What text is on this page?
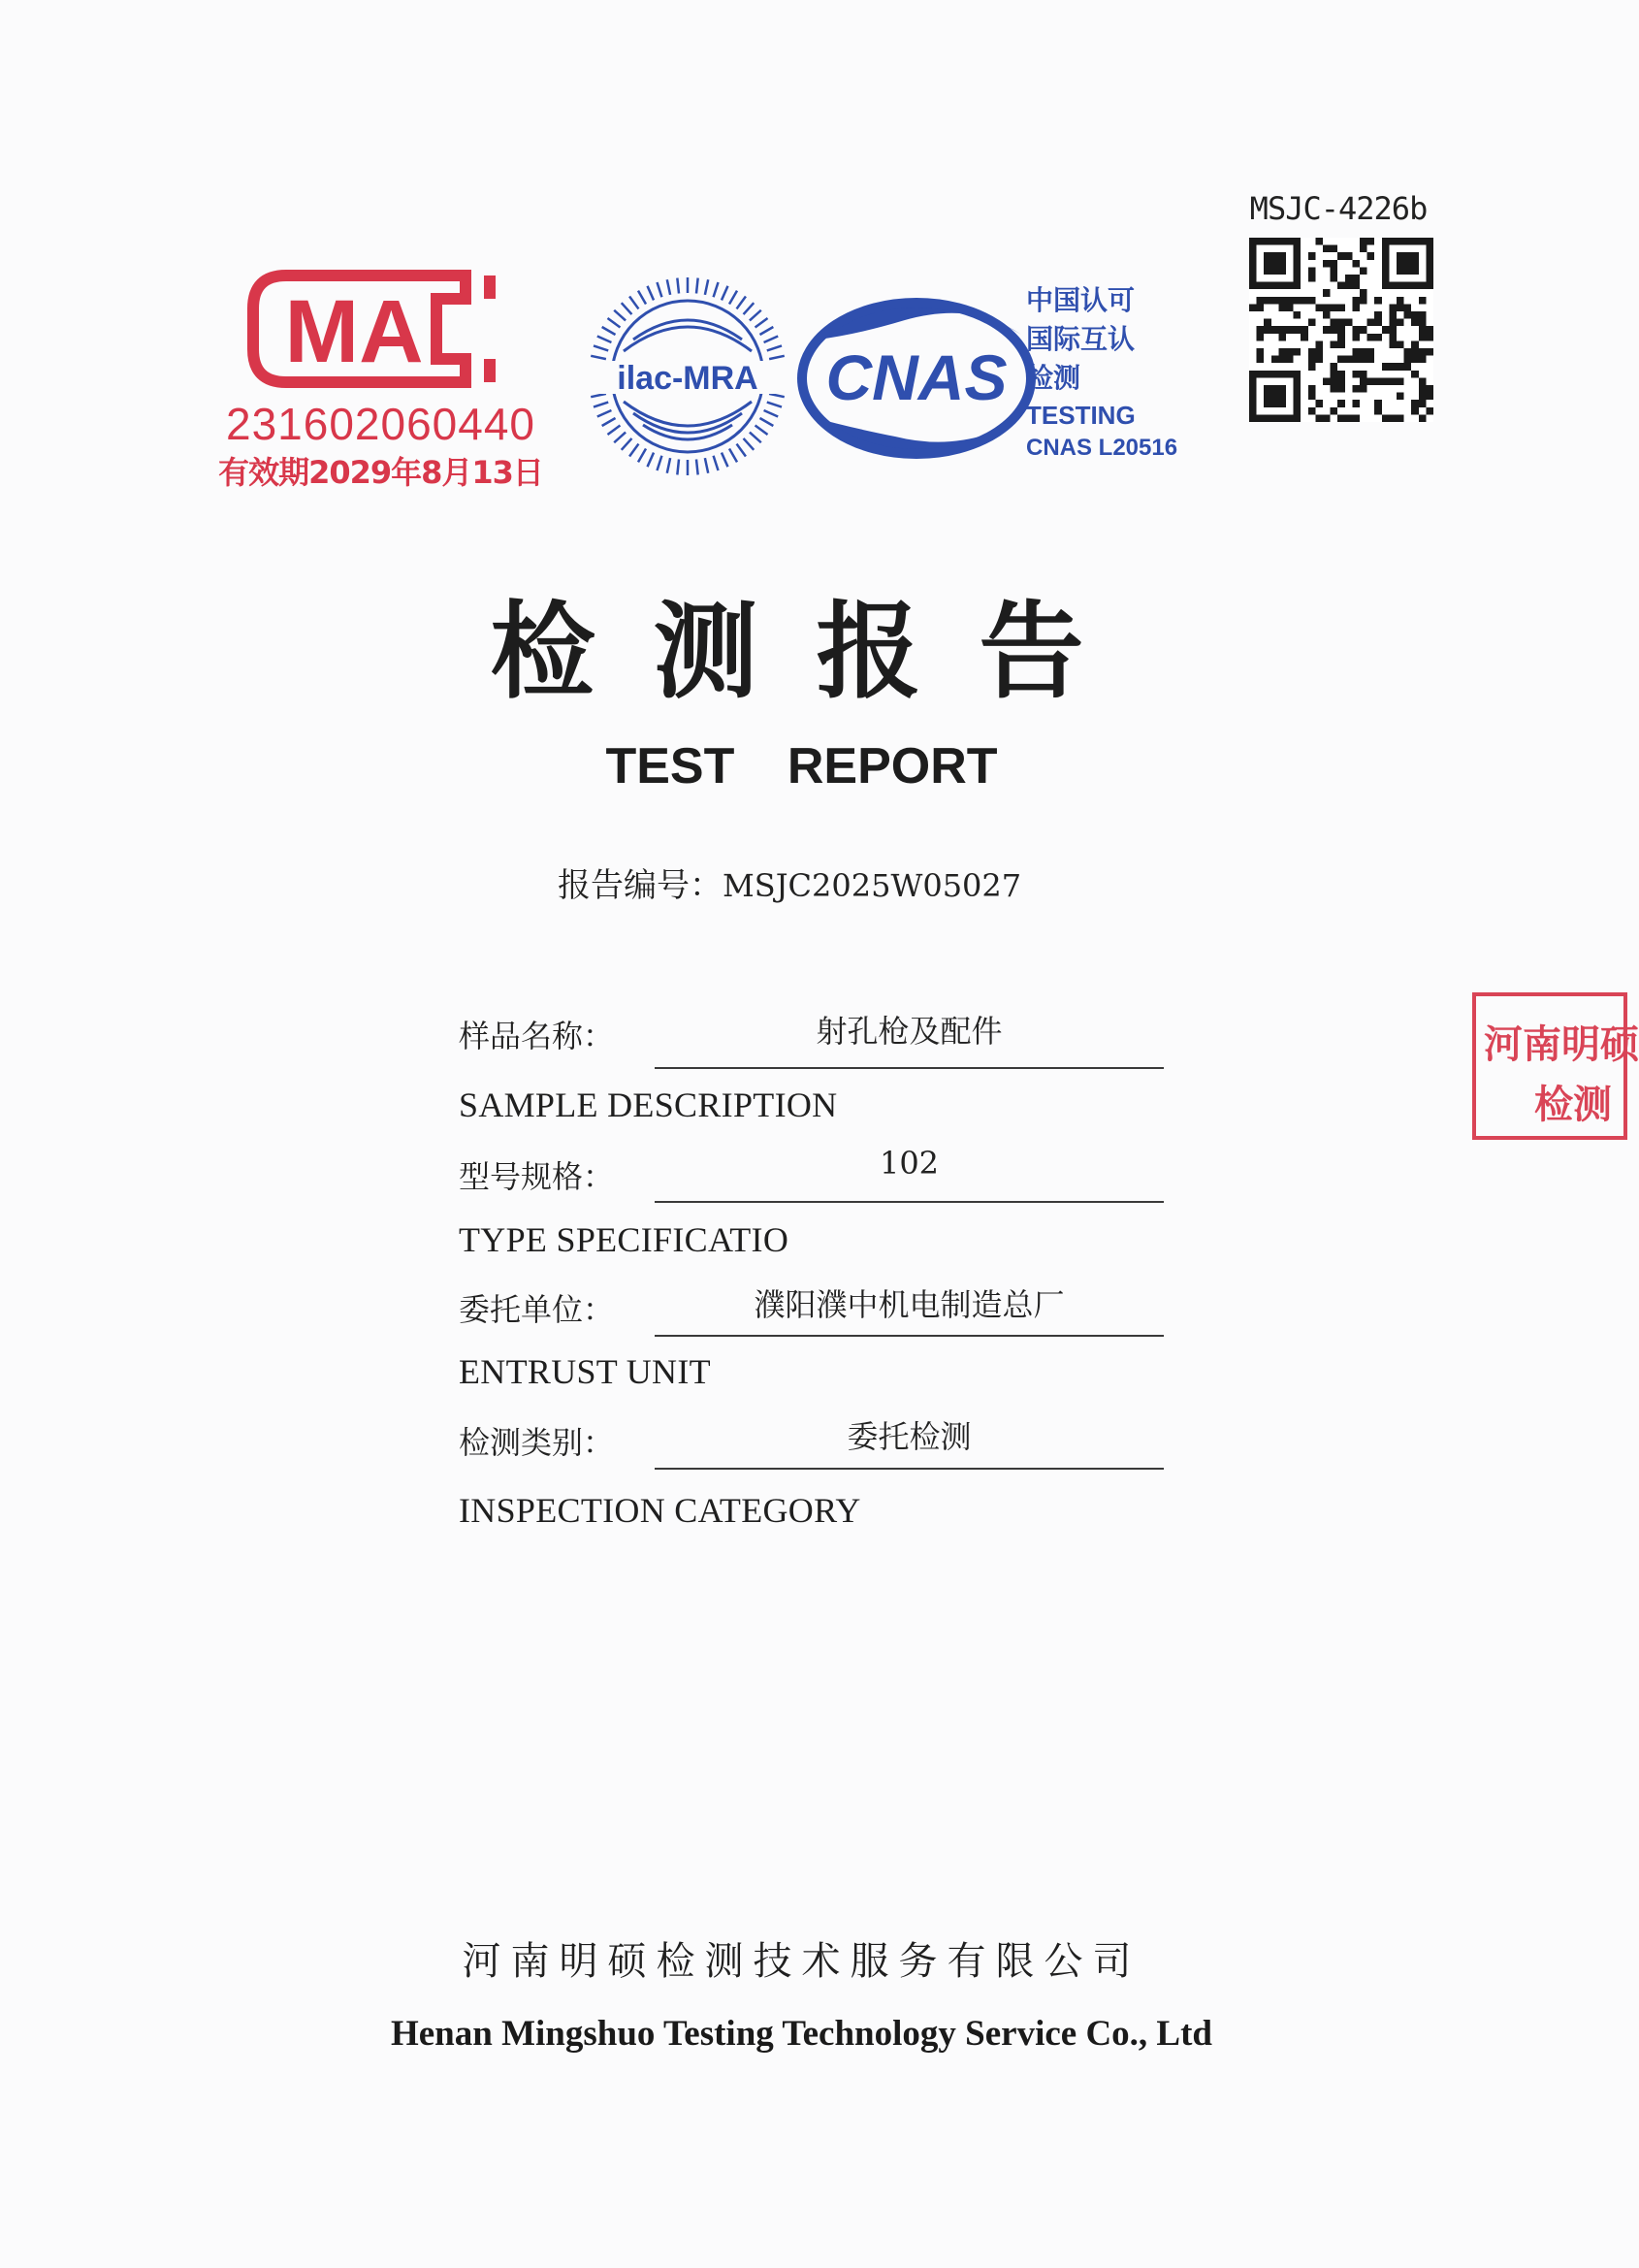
MA
231602060440
有效期2029年8月13日
ilac-MRA CNAS
中国认可
国际互认
检测
TESTING
CNAS L20516
MSJC-4226b
检测报告
TEST REPORT
报告编号：MSJC2025W05027
样品名称：	射孔枪及配件
SAMPLE DESCRIPTION
型号规格：	102
TYPE SPECIFICATIO
委托单位：	濮阳濮中机电制造总厂
ENTRUST UNIT
检测类别：	委托检测
INSPECTION CATEGORY
河南明硕
检测
河南明硕检测技术服务有限公司
Henan Mingshuo Testing Technology Service Co., Ltd
